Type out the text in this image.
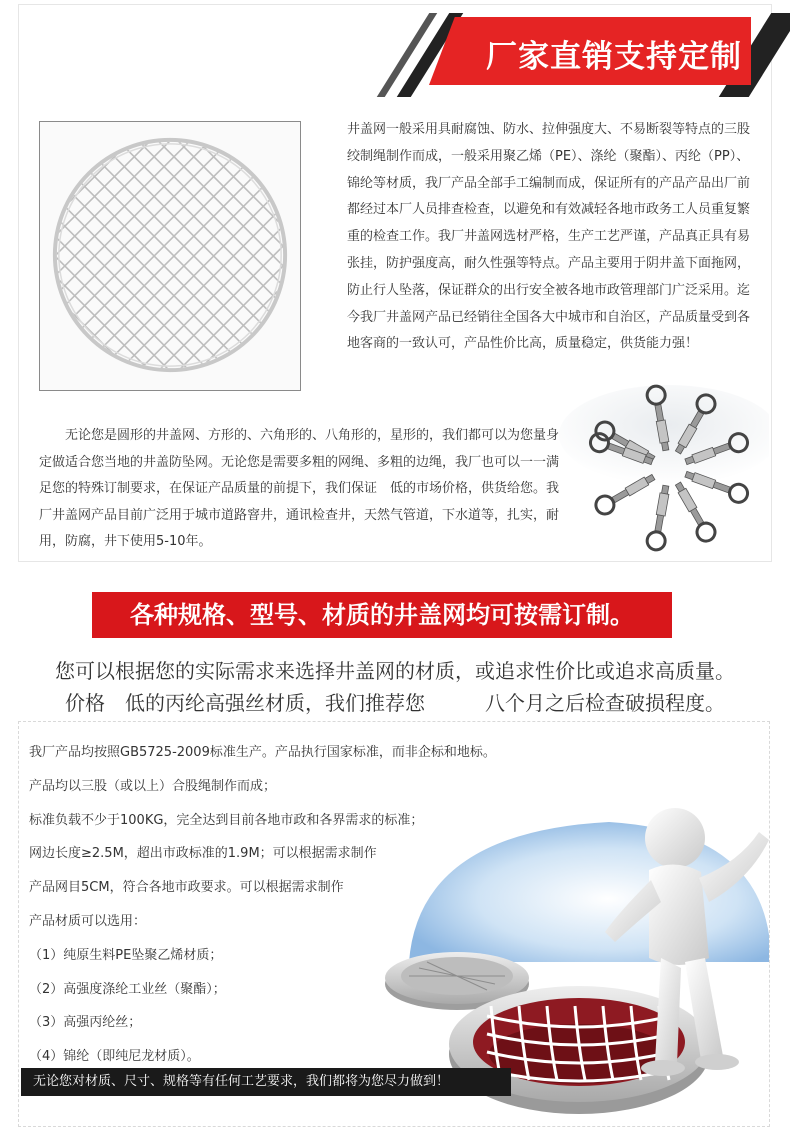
厂家直销支持定制
井盖网一般采用具耐腐蚀、防水、拉伸强度大、不易断裂等特点的三股绞制绳制作而成，一般采用聚乙烯（PE）、涤纶（聚酯）、丙纶（PP）、锦纶等材质，我厂产品全部手工编制而成，保证所有的产品产品出厂前都经过本厂人员排查检查，以避免和有效减轻各地市政务工人员重复繁重的检查工作。我厂井盖网选材严格，生产工艺严谨，产品真正具有易张挂，防护强度高，耐久性强等特点。产品主要用于阴井盖下面拖网，防止行人坠落，保证群众的出行安全被各地市政管理部门广泛采用。迄今我厂井盖网产品已经销往全国各大中城市和自治区，产品质量受到各地客商的一致认可，产品性价比高，质量稳定，供货能力强！
无论您是圆形的井盖网、方形的、六角形的、八角形的，星形的，我们都可以为您量身定做适合您当地的井盖防坠网。无论您是需要多粗的网绳、多粗的边绳，我厂也可以一一满足您的特殊订制要求，在保证产品质量的前提下，我们保证　低的市场价格，供货给您。我厂井盖网产品目前广泛用于城市道路窨井，通讯检查井，天然气管道，下水道等，扎实，耐用，防腐，井下使用5-10年。
各种规格、型号、材质的井盖网均可按需订制。
您可以根据您的实际需求来选择井盖网的材质，或追求性价比或追求高质量。
价格　低的丙纶高强丝材质，我们推荐您　　　八个月之后检查破损程度。
我厂产品均按照GB5725-2009标准生产。产品执行国家标准，而非企标和地标。
产品均以三股（或以上）合股绳制作而成；
标准负载不少于100KG，完全达到目前各地市政和各界需求的标准；
网边长度≥2.5M，超出市政标准的1.9M；可以根据需求制作
产品网目5CM，符合各地市政要求。可以根据需求制作
产品材质可以选用：
（1）纯原生料PE坠聚乙烯材质；
（2）高强度涤纶工业丝（聚酯）；
（3）高强丙纶丝；
（4）锦纶（即纯尼龙材质）。
无论您对材质、尺寸、规格等有任何工艺要求，我们都将为您尽力做到！
